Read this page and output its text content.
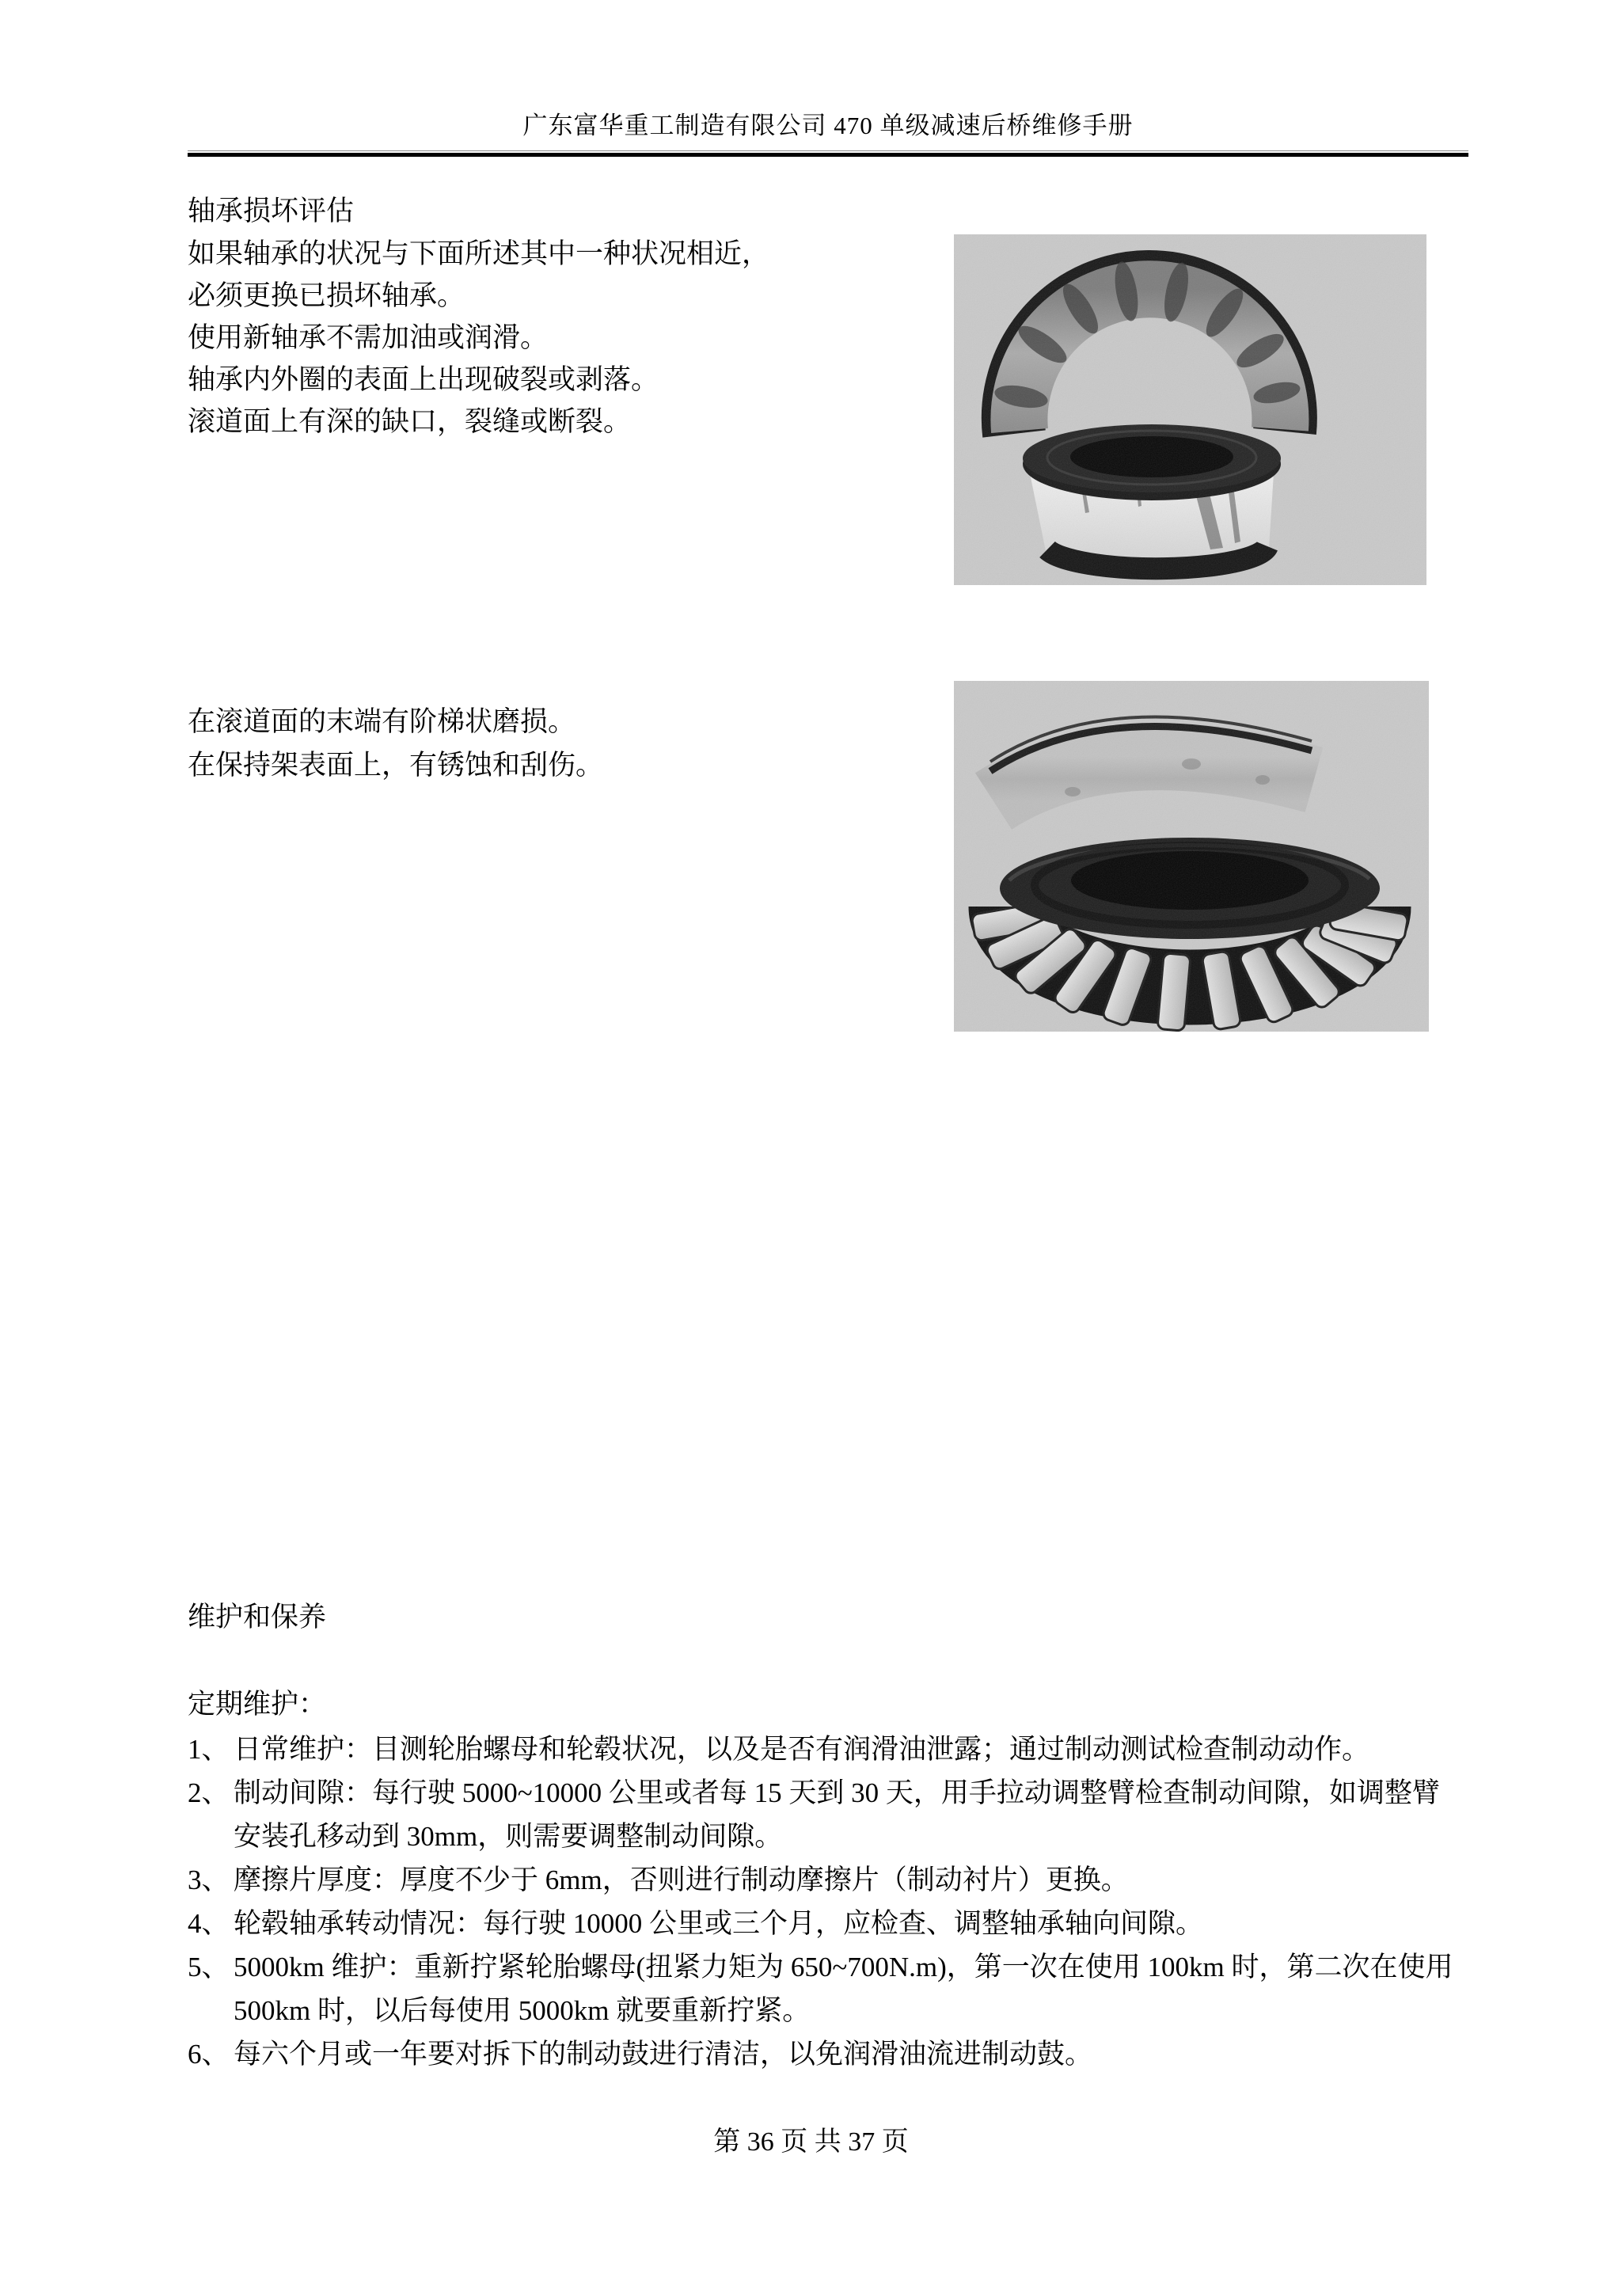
广东富华重工制造有限公司 470 单级减速后桥维修手册
轴承损坏评估
如果轴承的状况与下面所述其中一种状况相近，
必须更换已损坏轴承。
使用新轴承不需加油或润滑。
轴承内外圈的表面上出现破裂或剥落。
滚道面上有深的缺口，裂缝或断裂。
在滚道面的末端有阶梯状磨损。
在保持架表面上，有锈蚀和刮伤。
维护和保养
定期维护：
1、 日常维护：目测轮胎螺母和轮毂状况，以及是否有润滑油泄露；通过制动测试检查制动动作。
2、 制动间隙：每行驶 5000~10000 公里或者每 15 天到 30 天，用手拉动调整臂检查制动间隙，如调整臂安装孔移动到 30mm，则需要调整制动间隙。
3、 摩擦片厚度：厚度不少于 6mm，否则进行制动摩擦片（制动衬片）更换。
4、 轮毂轴承转动情况：每行驶 10000 公里或三个月，应检查、调整轴承轴向间隙。
5、 5000km 维护：重新拧紧轮胎螺母(扭紧力矩为 650~700N.m)，第一次在使用 100km 时，第二次在使用 500km 时，以后每使用 5000km 就要重新拧紧。
6、 每六个月或一年要对拆下的制动鼓进行清洁，以免润滑油流进制动鼓。
第 36 页 共 37 页
